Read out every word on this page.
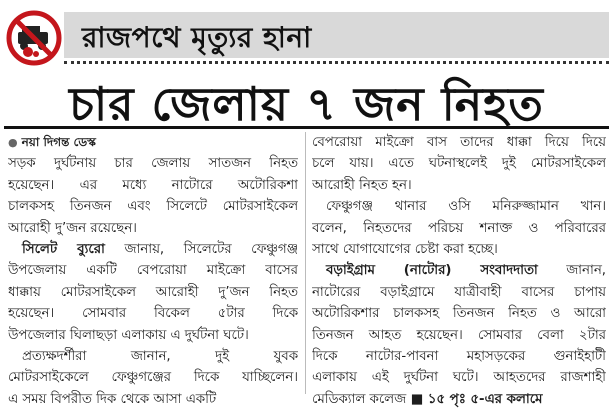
রাজপথে মৃত্যুর হানা
চার জেলায় ৭ জন নিহত
● নয়া দিগন্ত ডেস্ক
সড়ক দুর্ঘটনায় চার জেলায় সাতজন নিহত
হয়েছেন। এর মধ্যে নাটোরে অটোরিকশা
চালকসহ তিনজন এবং সিলেটে মোটরসাইকেল
আরোহী দু’জন রয়েছেন।
সিলেট ব্যুরো জানায়, সিলেটের ফেঞ্চুগঞ্জ
উপজেলায় একটি বেপরোয়া মাইক্রো বাসের
ধাক্কায় মোটরসাইকেল আরোহী দু’জন নিহত
হয়েছেন। সোমবার বিকেল ৫টার দিকে
উপজেলার ঘিলাছড়া এলাকায় এ দুর্ঘটনা ঘটে।
প্রত্যক্ষদর্শীরা জানান, দুই যুবক
মোটরসাইকেলে ফেঞ্চুগঞ্জের দিকে যাচ্ছিলেন।
এ সময় বিপরীত দিক থেকে আসা একটি
বেপরোয়া মাইক্রো বাস তাদের ধাক্কা দিয়ে দিয়ে
চলে যায়। এতে ঘটনাস্থলেই দুই মোটরসাইকেল
আরোহী নিহত হন।
ফেঞ্চুগঞ্জ থানার ওসি মনিরুজ্জামান খান।
বলেন, নিহতদের পরিচয় শনাক্ত ও পরিবারের
সাথে যোগাযোগের চেষ্টা করা হচ্ছে।
বড়াইগ্রাম (নাটোর) সংবাদদাতা জানান,
নাটোরের বড়াইগ্রামে যাত্রীবাহী বাসের চাপায়
অটোরিকশার চালকসহ তিনজন নিহত ও আরো
তিনজন আহত হয়েছেন। সোমবার বেলা ২টার
দিকে নাটোর-পাবনা মহাসড়কের গুনাইহাটী
এলাকায় এই দুর্ঘটনা ঘটে। আহতদের রাজশাহী
মেডিক্যাল কলেজ ■ ১৫ পৃঃ ৫-এর কলামে
